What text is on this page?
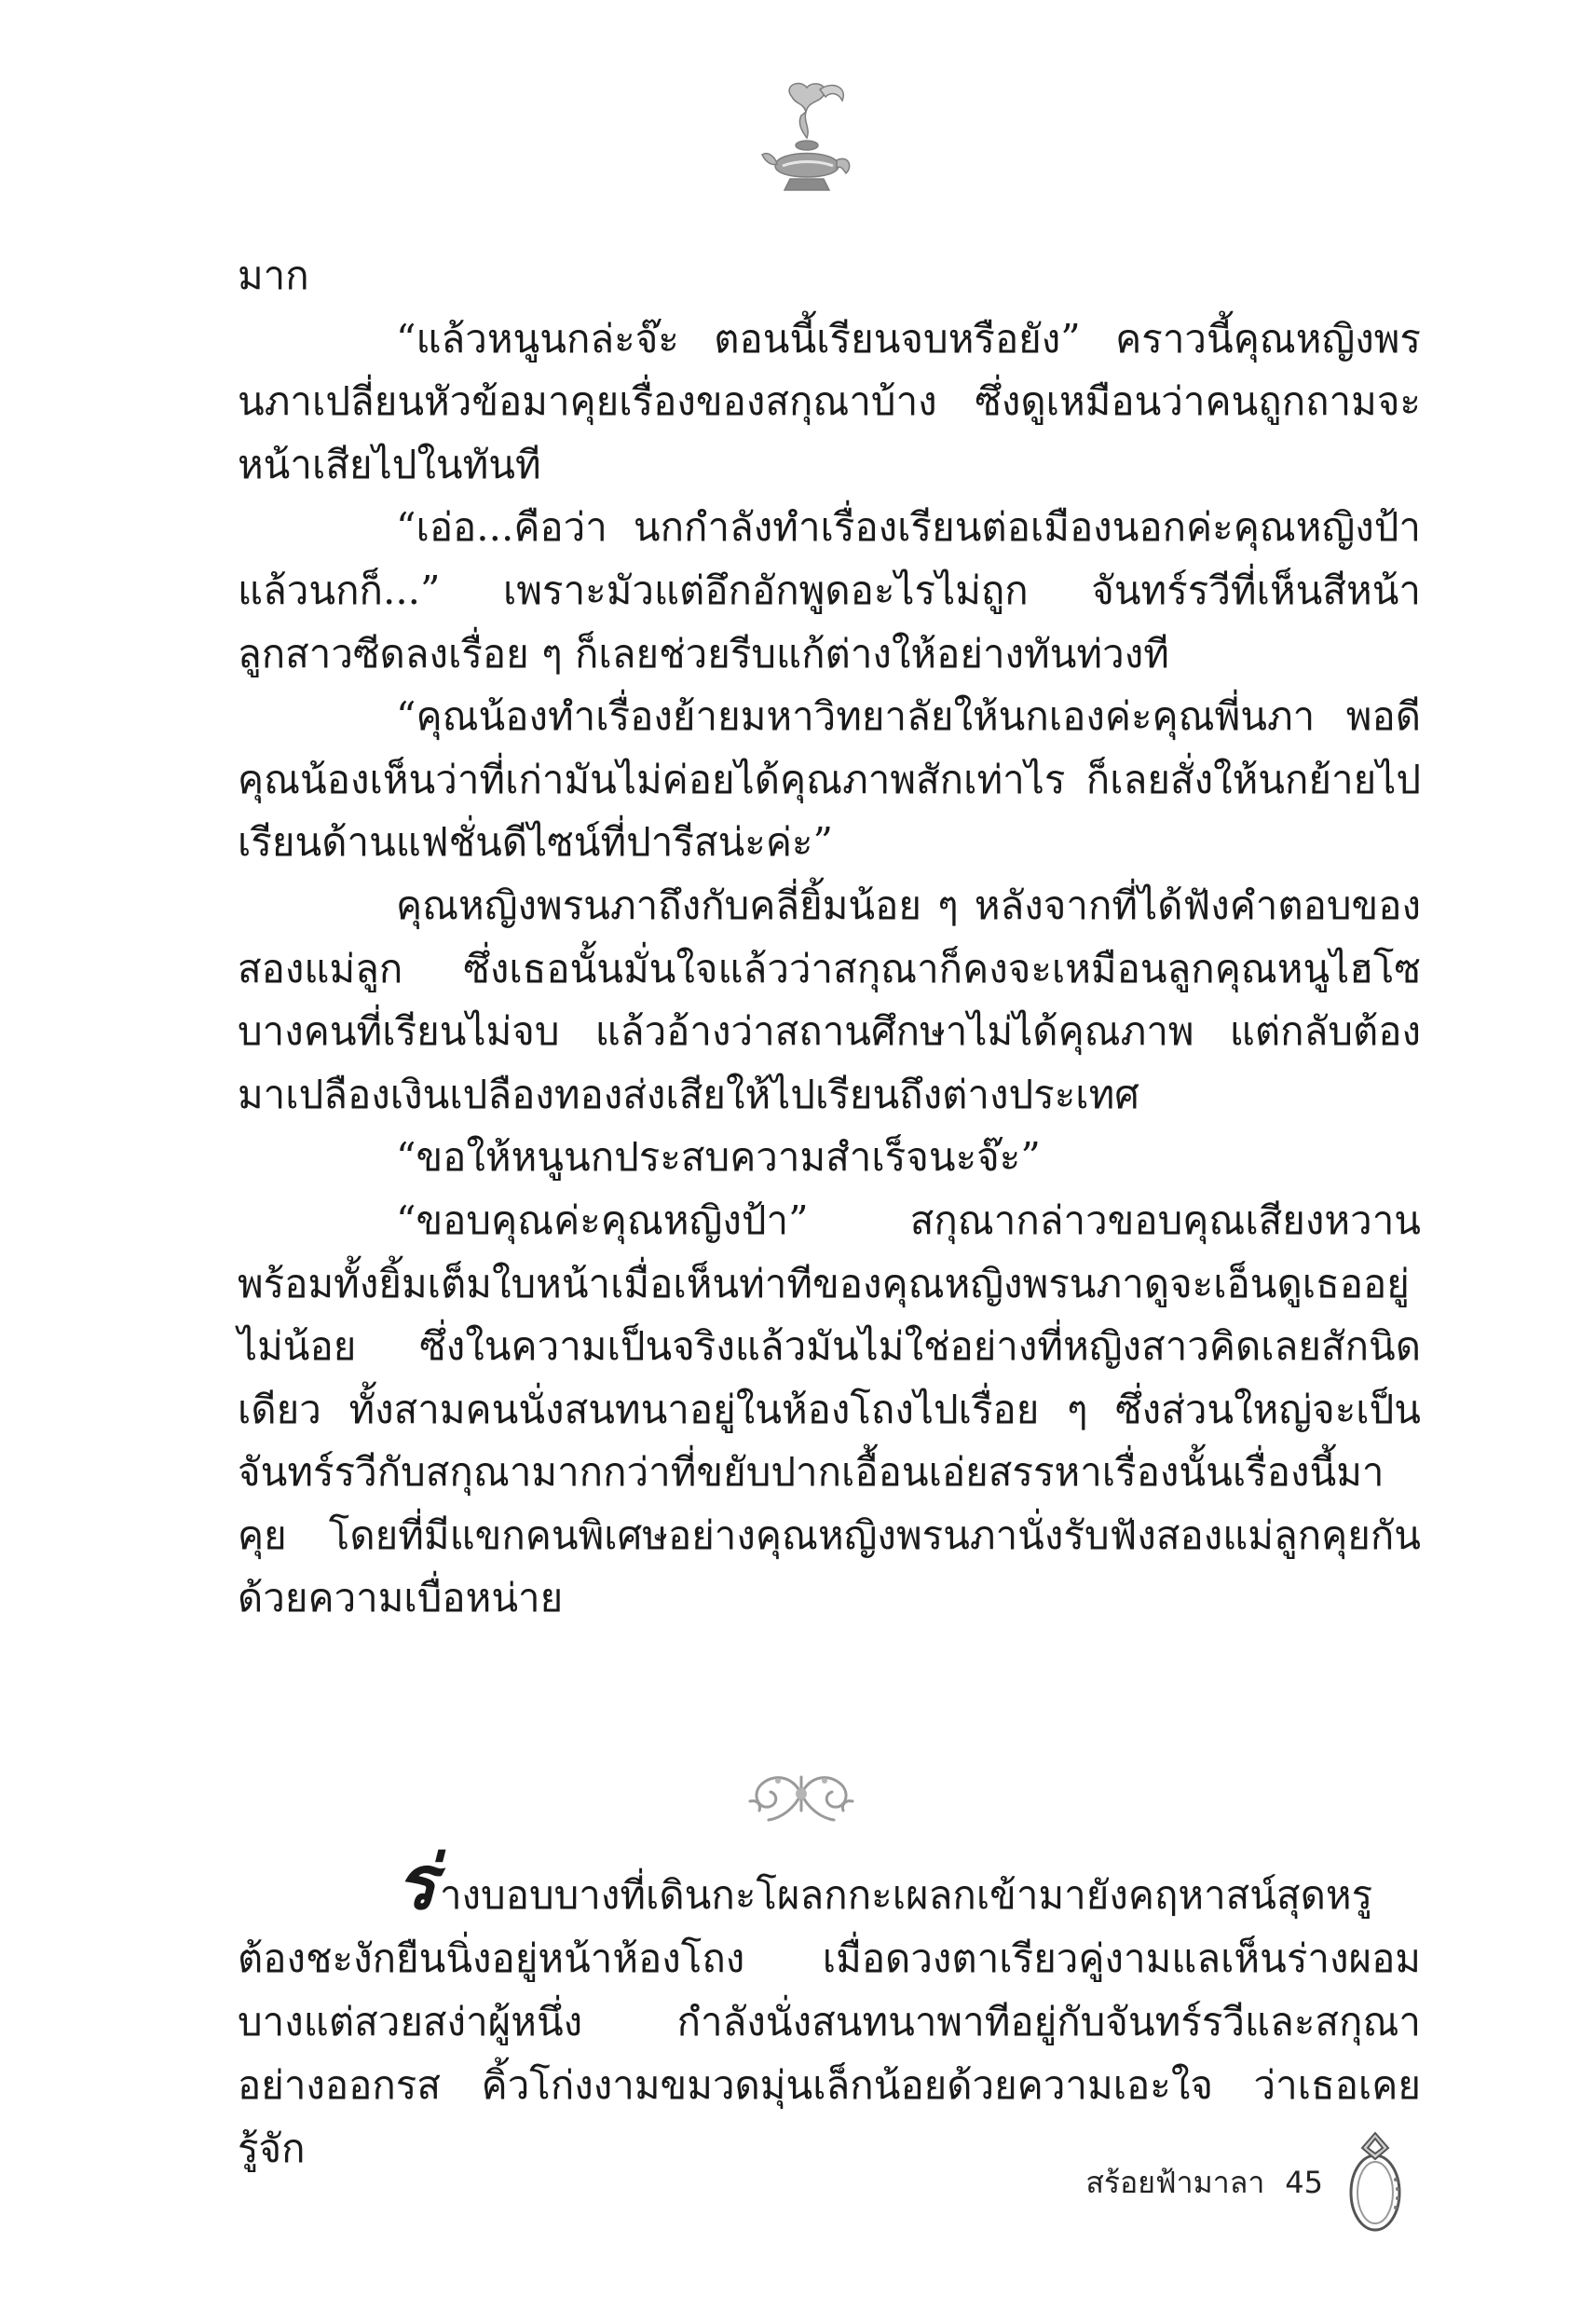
มาก

“แล้วหนูนกล่ะจ๊ะ ตอนนี้เรียนจบหรือยัง” คราวนี้คุณหญิงพรนภาเปลี่ยนหัวข้อมาคุยเรื่องของสกุณาบ้าง ซึ่งดูเหมือนว่าคนถูกถามจะหน้าเสียไปในทันที

“เอ่อ...คือว่า นกกำลังทำเรื่องเรียนต่อเมืองนอกค่ะคุณหญิงป้า แล้วนกก็...” เพราะมัวแต่อึกอักพูดอะไรไม่ถูก จันทร์รวีที่เห็นสีหน้าลูกสาวซีดลงเรื่อย ๆ ก็เลยช่วยรีบแก้ต่างให้อย่างทันท่วงที

“คุณน้องทำเรื่องย้ายมหาวิทยาลัยให้นกเองค่ะคุณพี่นภา พอดีคุณน้องเห็นว่าที่เก่ามันไม่ค่อยได้คุณภาพสักเท่าไร ก็เลยสั่งให้นกย้ายไปเรียนด้านแฟชั่นดีไซน์ที่ปารีสน่ะค่ะ”

คุณหญิงพรนภาถึงกับคลี่ยิ้มน้อย ๆ หลังจากที่ได้ฟังคำตอบของสองแม่ลูก ซึ่งเธอนั้นมั่นใจแล้วว่าสกุณาก็คงจะเหมือนลูกคุณหนูไฮโซบางคนที่เรียนไม่จบ แล้วอ้างว่าสถานศึกษาไม่ได้คุณภาพ แต่กลับต้องมาเปลืองเงินเปลืองทองส่งเสียให้ไปเรียนถึงต่างประเทศ

“ขอให้หนูนกประสบความสำเร็จนะจ๊ะ”

“ขอบคุณค่ะคุณหญิงป้า” สกุณากล่าวขอบคุณเสียงหวาน พร้อมทั้งยิ้มเต็มใบหน้าเมื่อเห็นท่าทีของคุณหญิงพรนภาดูจะเอ็นดูเธออยู่ไม่น้อย ซึ่งในความเป็นจริงแล้วมันไม่ใช่อย่างที่หญิงสาวคิดเลยสักนิดเดียว ทั้งสามคนนั่งสนทนาอยู่ในห้องโถงไปเรื่อย ๆ ซึ่งส่วนใหญ่จะเป็นจันทร์รวีกับสกุณามากกว่าที่ขยับปากเอื้อนเอ่ยสรรหาเรื่องนั้นเรื่องนี้มาคุย โดยที่มีแขกคนพิเศษอย่างคุณหญิงพรนภานั่งรับฟังสองแม่ลูกคุยกันด้วยความเบื่อหน่าย

ร่างบอบบางที่เดินกะโผลกกะเผลกเข้ามายังคฤหาสน์สุดหรูต้องชะงักยืนนิ่งอยู่หน้าห้องโถง เมื่อดวงตาเรียวคู่งามแลเห็นร่างผอมบางแต่สวยสง่าผู้หนึ่ง กำลังนั่งสนทนาพาทีอยู่กับจันทร์รวีและสกุณาอย่างออกรส คิ้วโก่งงามขมวดมุ่นเล็กน้อยด้วยความเอะใจ ว่าเธอเคยรู้จัก

สร้อยฟ้ามาลา 45
